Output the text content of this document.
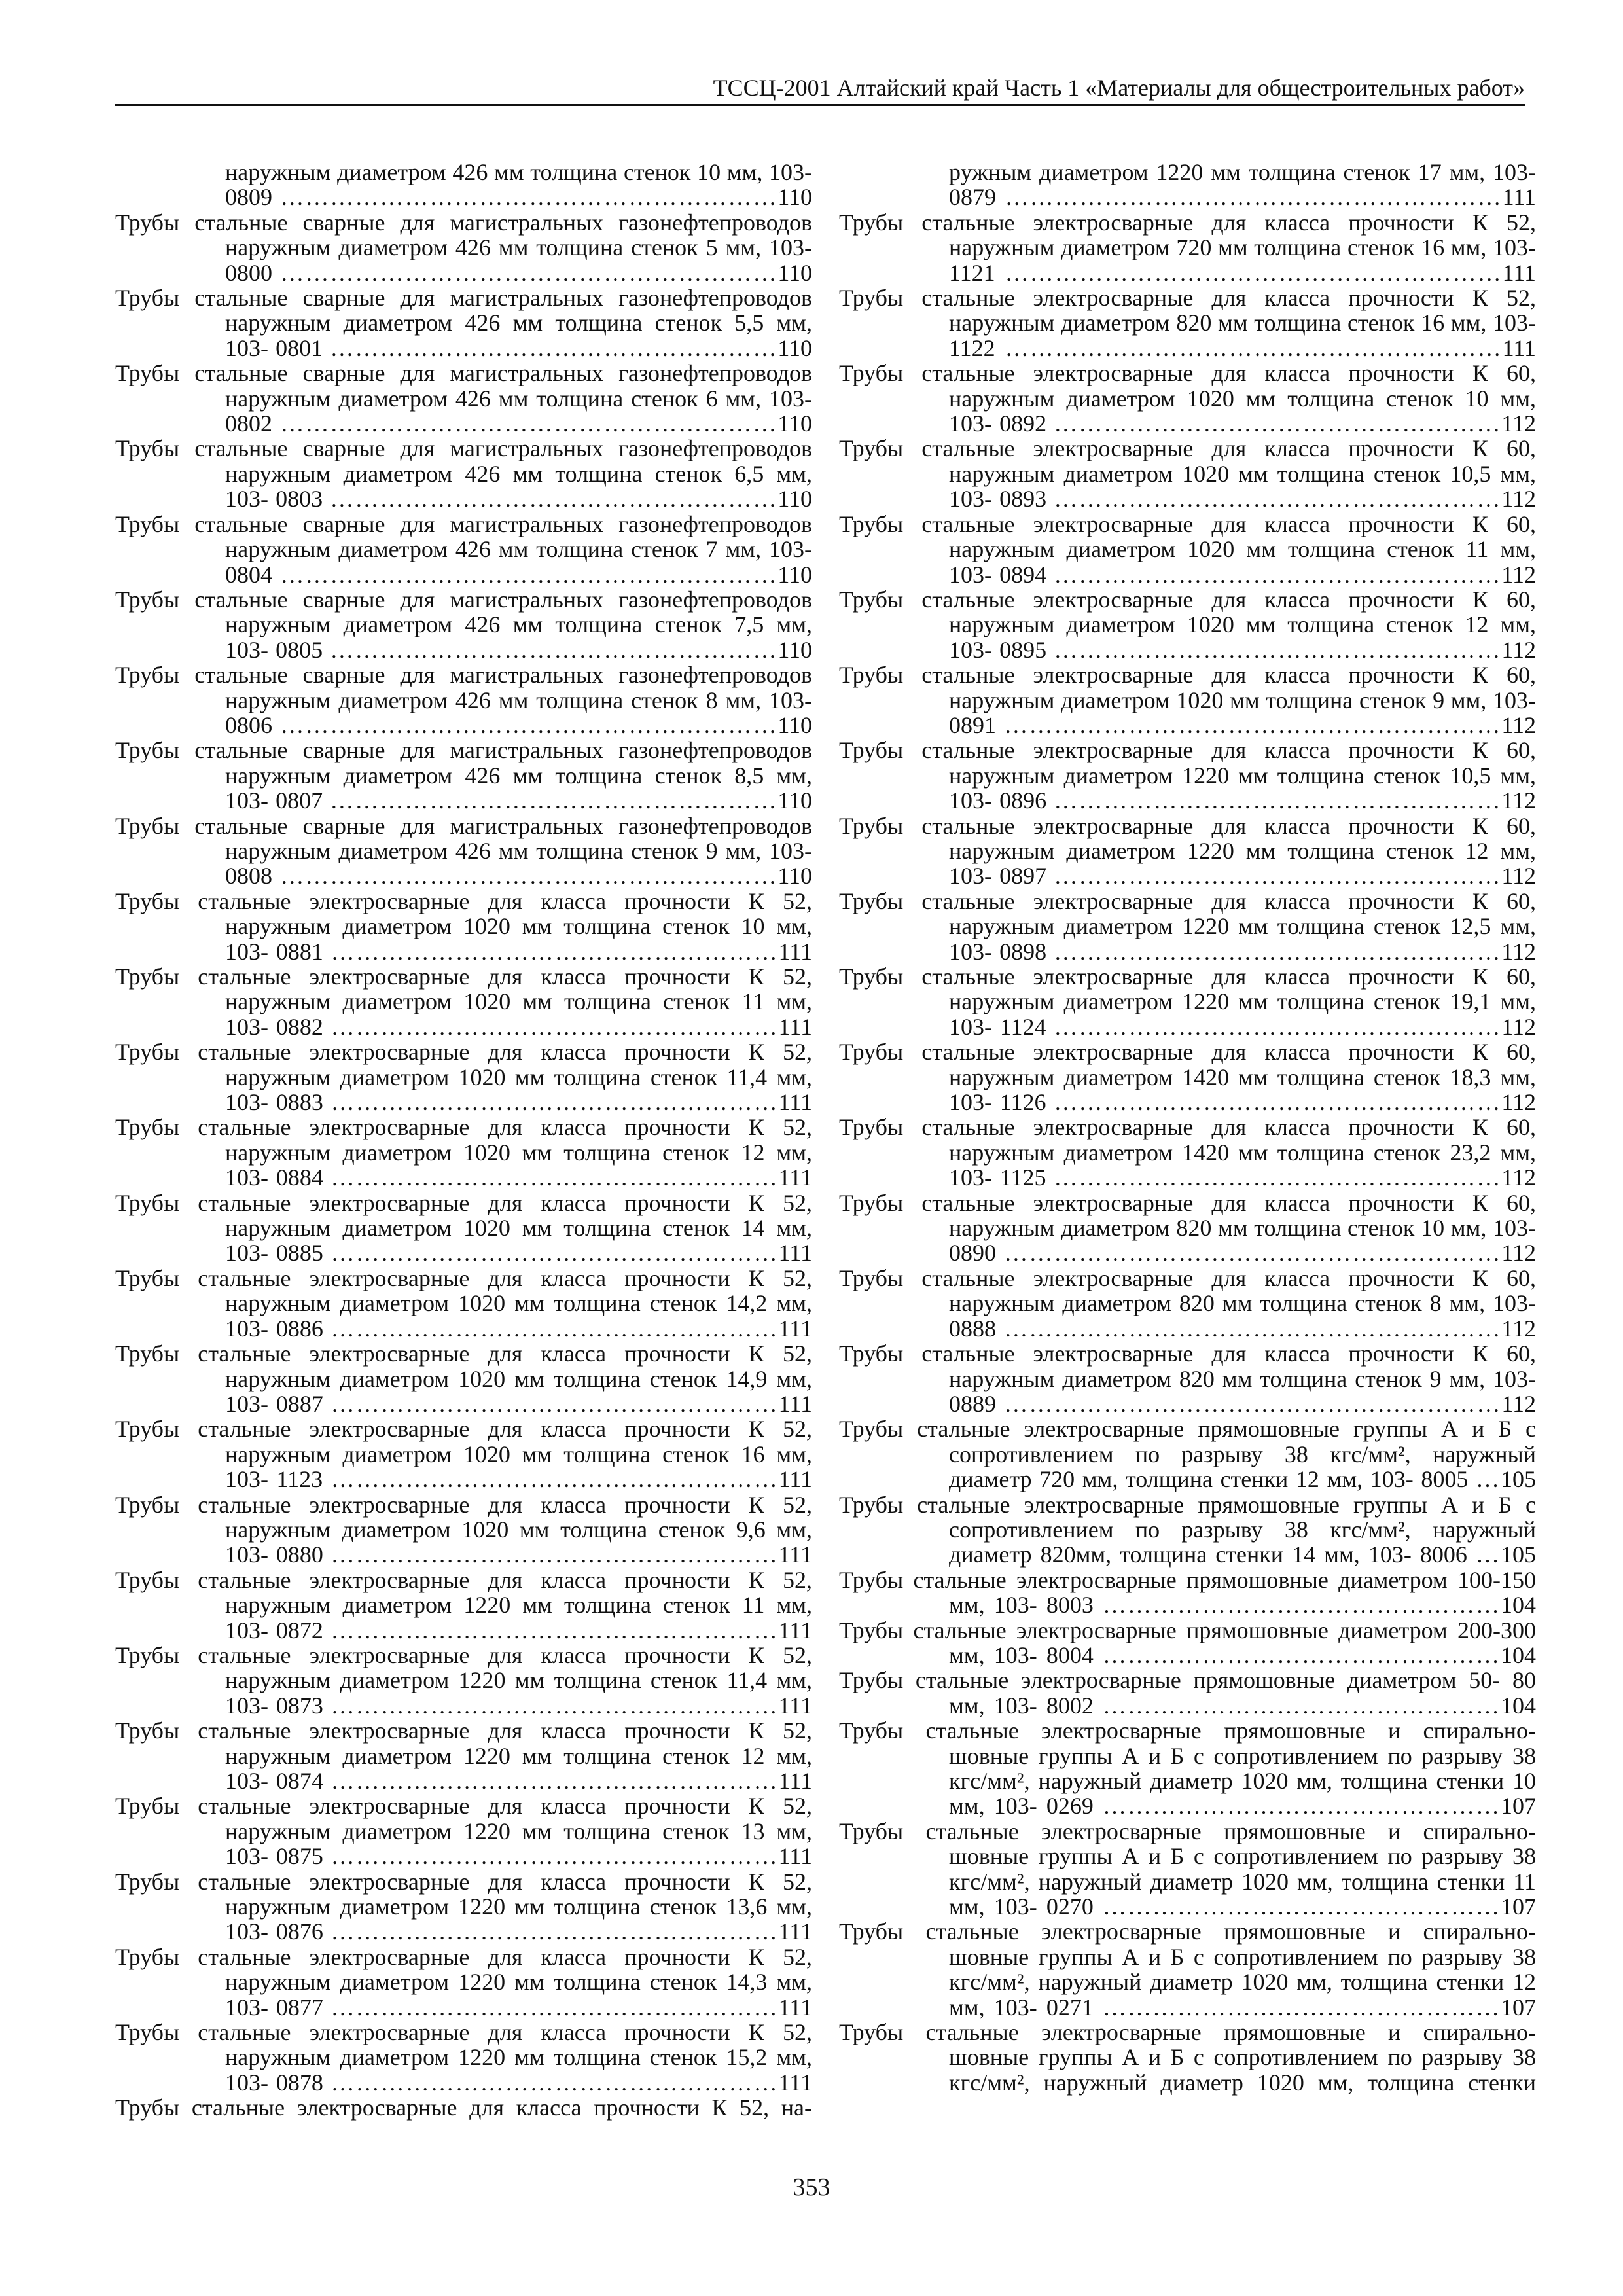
ТССЦ-2001 Алтайский край Часть 1 «Материалы для общестроительных работ»
наружным диаметром 426 мм толщина стенок 10 мм, 103- 0809 ……………………………………………………110
Трубы стальные сварные для магистральных газонефтепроводов наружным диаметром 426 мм толщина стенок 5 мм, 103- 0800 ……………………………………………………110
Трубы стальные сварные для магистральных газонефтепроводов наружным диаметром 426 мм толщина стенок 5,5 мм, 103- 0801 ………………………………………………110
Трубы стальные сварные для магистральных газонефтепроводов наружным диаметром 426 мм толщина стенок 6 мм, 103- 0802 ……………………………………………………110
Трубы стальные сварные для магистральных газонефтепроводов наружным диаметром 426 мм толщина стенок 6,5 мм, 103- 0803 ………………………………………………110
Трубы стальные сварные для магистральных газонефтепроводов наружным диаметром 426 мм толщина стенок 7 мм, 103- 0804 ……………………………………………………110
Трубы стальные сварные для магистральных газонефтепроводов наружным диаметром 426 мм толщина стенок 7,5 мм, 103- 0805 ………………………………………………110
Трубы стальные сварные для магистральных газонефтепроводов наружным диаметром 426 мм толщина стенок 8 мм, 103- 0806 ……………………………………………………110
Трубы стальные сварные для магистральных газонефтепроводов наружным диаметром 426 мм толщина стенок 8,5 мм, 103- 0807 ………………………………………………110
Трубы стальные сварные для магистральных газонефтепроводов наружным диаметром 426 мм толщина стенок 9 мм, 103- 0808 ……………………………………………………110
Трубы стальные электросварные для класса прочности К 52, наружным диаметром 1020 мм толщина стенок 10 мм, 103- 0881 ………………………………………………111
Трубы стальные электросварные для класса прочности К 52, наружным диаметром 1020 мм толщина стенок 11 мм, 103- 0882 ………………………………………………111
Трубы стальные электросварные для класса прочности К 52, наружным диаметром 1020 мм толщина стенок 11,4 мм, 103- 0883 ………………………………………………111
Трубы стальные электросварные для класса прочности К 52, наружным диаметром 1020 мм толщина стенок 12 мм, 103- 0884 ………………………………………………111
Трубы стальные электросварные для класса прочности К 52, наружным диаметром 1020 мм толщина стенок 14 мм, 103- 0885 ………………………………………………111
Трубы стальные электросварные для класса прочности К 52, наружным диаметром 1020 мм толщина стенок 14,2 мм, 103- 0886 ………………………………………………111
Трубы стальные электросварные для класса прочности К 52, наружным диаметром 1020 мм толщина стенок 14,9 мм, 103- 0887 ………………………………………………111
Трубы стальные электросварные для класса прочности К 52, наружным диаметром 1020 мм толщина стенок 16 мм, 103- 1123 ………………………………………………111
Трубы стальные электросварные для класса прочности К 52, наружным диаметром 1020 мм толщина стенок 9,6 мм, 103- 0880 ………………………………………………111
Трубы стальные электросварные для класса прочности К 52, наружным диаметром 1220 мм толщина стенок 11 мм, 103- 0872 ………………………………………………111
Трубы стальные электросварные для класса прочности К 52, наружным диаметром 1220 мм толщина стенок 11,4 мм, 103- 0873 ………………………………………………111
Трубы стальные электросварные для класса прочности К 52, наружным диаметром 1220 мм толщина стенок 12 мм, 103- 0874 ………………………………………………111
Трубы стальные электросварные для класса прочности К 52, наружным диаметром 1220 мм толщина стенок 13 мм, 103- 0875 ………………………………………………111
Трубы стальные электросварные для класса прочности К 52, наружным диаметром 1220 мм толщина стенок 13,6 мм, 103- 0876 ………………………………………………111
Трубы стальные электросварные для класса прочности К 52, наружным диаметром 1220 мм толщина стенок 14,3 мм, 103- 0877 ………………………………………………111
Трубы стальные электросварные для класса прочности К 52, наружным диаметром 1220 мм толщина стенок 15,2 мм, 103- 0878 ………………………………………………111
Трубы стальные электросварные для класса прочности К 52, на-
ружным диаметром 1220 мм толщина стенок 17 мм, 103- 0879 ……………………………………………………111
Трубы стальные электросварные для класса прочности К 52, наружным диаметром 720 мм толщина стенок 16 мм, 103- 1121 ……………………………………………………111
Трубы стальные электросварные для класса прочности К 52, наружным диаметром 820 мм толщина стенок 16 мм, 103- 1122 ……………………………………………………111
Трубы стальные электросварные для класса прочности К 60, наружным диаметром 1020 мм толщина стенок 10 мм, 103- 0892 ………………………………………………112
Трубы стальные электросварные для класса прочности К 60, наружным диаметром 1020 мм толщина стенок 10,5 мм, 103- 0893 ………………………………………………112
Трубы стальные электросварные для класса прочности К 60, наружным диаметром 1020 мм толщина стенок 11 мм, 103- 0894 ………………………………………………112
Трубы стальные электросварные для класса прочности К 60, наружным диаметром 1020 мм толщина стенок 12 мм, 103- 0895 ………………………………………………112
Трубы стальные электросварные для класса прочности К 60, наружным диаметром 1020 мм толщина стенок 9 мм, 103- 0891 ……………………………………………………112
Трубы стальные электросварные для класса прочности К 60, наружным диаметром 1220 мм толщина стенок 10,5 мм, 103- 0896 ………………………………………………112
Трубы стальные электросварные для класса прочности К 60, наружным диаметром 1220 мм толщина стенок 12 мм, 103- 0897 ………………………………………………112
Трубы стальные электросварные для класса прочности К 60, наружным диаметром 1220 мм толщина стенок 12,5 мм, 103- 0898 ………………………………………………112
Трубы стальные электросварные для класса прочности К 60, наружным диаметром 1220 мм толщина стенок 19,1 мм, 103- 1124 ………………………………………………112
Трубы стальные электросварные для класса прочности К 60, наружным диаметром 1420 мм толщина стенок 18,3 мм, 103- 1126 ………………………………………………112
Трубы стальные электросварные для класса прочности К 60, наружным диаметром 1420 мм толщина стенок 23,2 мм, 103- 1125 ………………………………………………112
Трубы стальные электросварные для класса прочности К 60, наружным диаметром 820 мм толщина стенок 10 мм, 103- 0890 ……………………………………………………112
Трубы стальные электросварные для класса прочности К 60, наружным диаметром 820 мм толщина стенок 8 мм, 103- 0888 ……………………………………………………112
Трубы стальные электросварные для класса прочности К 60, наружным диаметром 820 мм толщина стенок 9 мм, 103- 0889 ……………………………………………………112
Трубы стальные электросварные прямошовные группы А и Б с сопротивлением по разрыву 38 кгс/мм², наружный диаметр 720 мм, толщина стенки 12 мм, 103- 8005 …105
Трубы стальные электросварные прямошовные группы А и Б с сопротивлением по разрыву 38 кгс/мм², наружный диаметр 820мм, толщина стенки 14 мм, 103- 8006 …105
Трубы стальные электросварные прямошовные диаметром 100-150 мм, 103- 8003 …………………………………………104
Трубы стальные электросварные прямошовные диаметром 200-300 мм, 103- 8004 …………………………………………104
Трубы стальные электросварные прямошовные диаметром 50- 80 мм, 103- 8002 …………………………………………104
Трубы стальные электросварные прямошовные и спирально- шовные группы А и Б с сопротивлением по разрыву 38 кгс/мм², наружный диаметр 1020 мм, толщина стенки 10 мм, 103- 0269 …………………………………………107
Трубы стальные электросварные прямошовные и спирально- шовные группы А и Б с сопротивлением по разрыву 38 кгс/мм², наружный диаметр 1020 мм, толщина стенки 11 мм, 103- 0270 …………………………………………107
Трубы стальные электросварные прямошовные и спирально- шовные группы А и Б с сопротивлением по разрыву 38 кгс/мм², наружный диаметр 1020 мм, толщина стенки 12 мм, 103- 0271 …………………………………………107
Трубы стальные электросварные прямошовные и спирально- шовные группы А и Б с сопротивлением по разрыву 38 кгс/мм², наружный диаметр 1020 мм, толщина стенки
353
